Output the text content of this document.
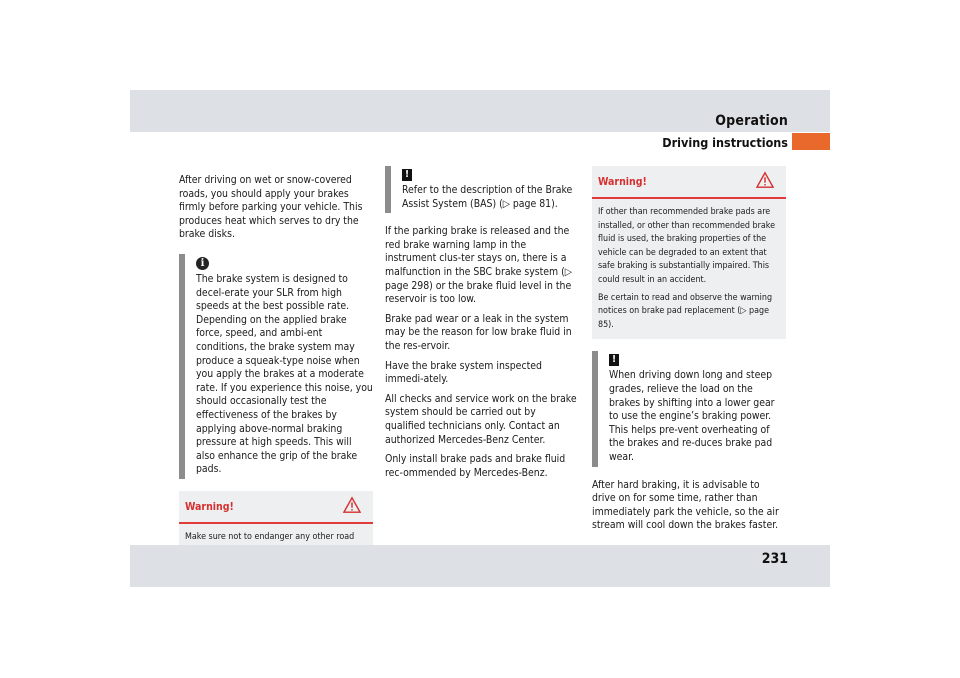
Operation
Driving instructions

After driving on wet or snow-covered roads, you should apply your brakes firmly before parking your vehicle. This produces heat which serves to dry the brake disks.

i

The brake system is designed to decel-erate your SLR from high speeds at the best possible rate. Depending on the applied brake force, speed, and ambi-ent conditions, the brake system may produce a squeak-type noise when you apply the brakes at a moderate rate. If you experience this noise, you should occasionally test the effectiveness of the brakes by applying above-normal braking pressure at high speeds. This will also enhance the grip of the brake pads.

Warning!

Make sure not to endanger any other road

!

Refer to the description of the Brake Assist System (BAS) (▷ page 81).

If the parking brake is released and the red brake warning lamp in the instrument clus-ter stays on, there is a malfunction in the SBC brake system (▷ page 298) or the brake fluid level in the reservoir is too low.

Brake pad wear or a leak in the system may be the reason for low brake fluid in the res-ervoir.

Have the brake system inspected immedi-ately.

All checks and service work on the brake system should be carried out by qualified technicians only. Contact an authorized Mercedes-Benz Center.

Only install brake pads and brake fluid rec-ommended by Mercedes-Benz.

Warning!

If other than recommended brake pads are installed, or other than recommended brake fluid is used, the braking properties of the vehicle can be degraded to an extent that safe braking is substantially impaired. This could result in an accident.

Be certain to read and observe the warning notices on brake pad replacement (▷ page 85).

!

When driving down long and steep grades, relieve the load on the brakes by shifting into a lower gear to use the engine’s braking power. This helps pre-vent overheating of the brakes and re-duces brake pad wear.

After hard braking, it is advisable to drive on for some time, rather than immediately park the vehicle, so the air stream will cool down the brakes faster.

231
